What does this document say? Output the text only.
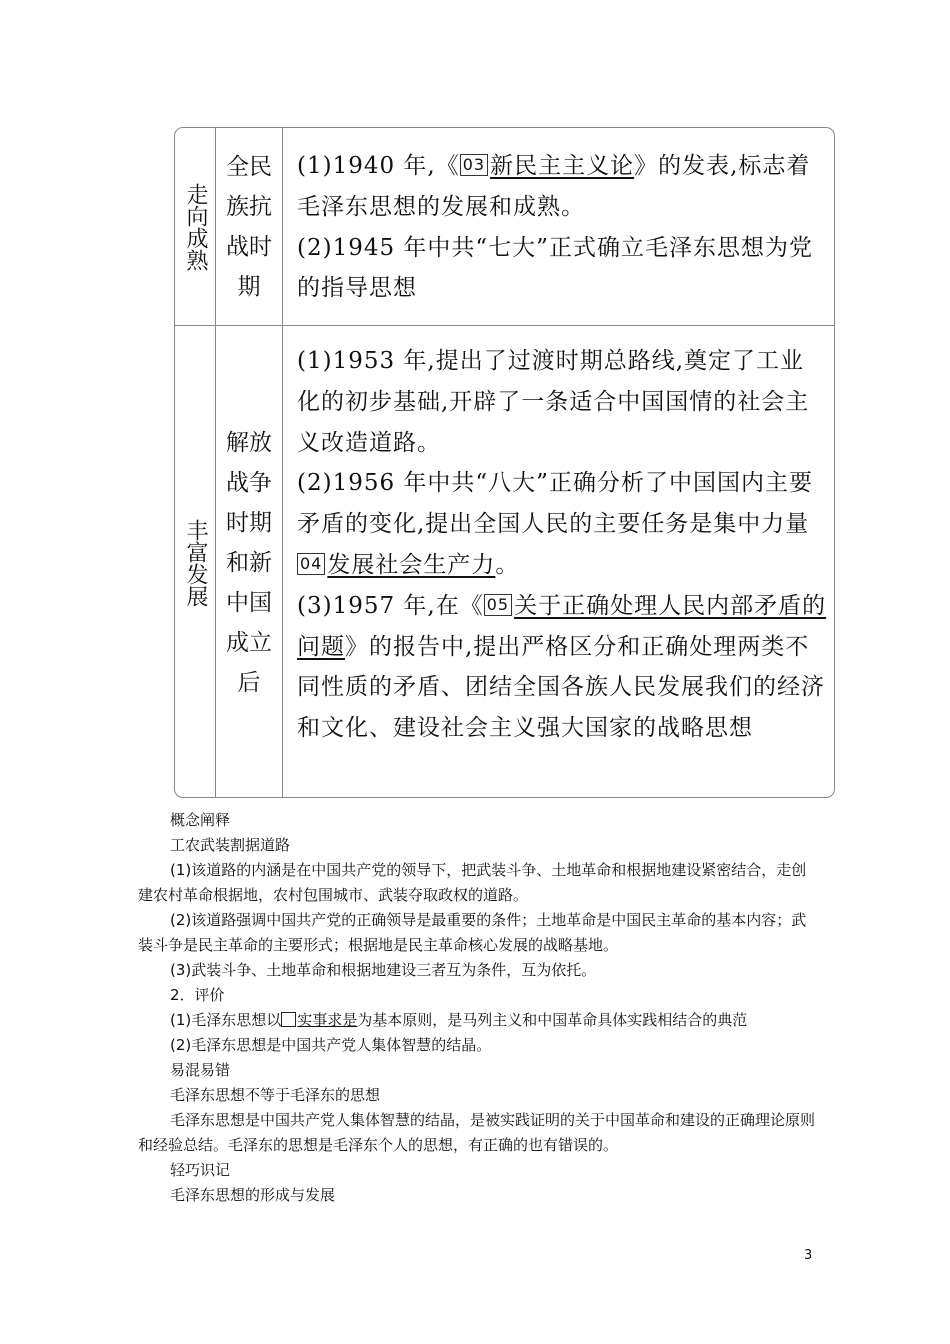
走向成熟
全民族抗战时期
(1)1940 年,《 03 新民主主义论》的发表,标志着毛泽东思想的发展和成熟。
(2)1945 年中共“七大”正式确立毛泽东思想为党的指导思想
丰富发展
解放战争时期和新中国成立后
(1)1953 年,提出了过渡时期总路线,奠定了工业化的初步基础,开辟了一条适合中国国情的社会主义改造道路。
(2)1956 年中共“八大”正确分析了中国国内主要矛盾的变化,提出全国人民的主要任务是集中力量04 发展社会生产力。
(3)1957 年,在《 05 关于正确处理人民内部矛盾的问题》的报告中,提出严格区分和正确处理两类不同性质的矛盾、团结全国各族人民发展我们的经济和文化、建设社会主义强大国家的战略思想

概念阐释

工农武装割据道路

(1)该道路的内涵是在中国共产党的领导下，把武装斗争、土地革命和根据地建设紧密结合，走创建农村革命根据地，农村包围城市、武装夺取政权的道路。

(2)该道路强调中国共产党的正确领导是最重要的条件；土地革命是中国民主革命的基本内容；武装斗争是民主革命的主要形式；根据地是民主革命核心发展的战略基地。

(3)武装斗争、土地革命和根据地建设三者互为条件，互为依托。

2．评价

(1)毛泽东思想以 实事求是为基本原则，是马列主义和中国革命具体实践相结合的典范

(2)毛泽东思想是中国共产党人集体智慧的结晶。

易混易错

毛泽东思想不等于毛泽东的思想

毛泽东思想是中国共产党人集体智慧的结晶，是被实践证明的关于中国革命和建设的正确理论原则和经验总结。毛泽东的思想是毛泽东个人的思想，有正确的也有错误的。

轻巧识记

毛泽东思想的形成与发展

3
